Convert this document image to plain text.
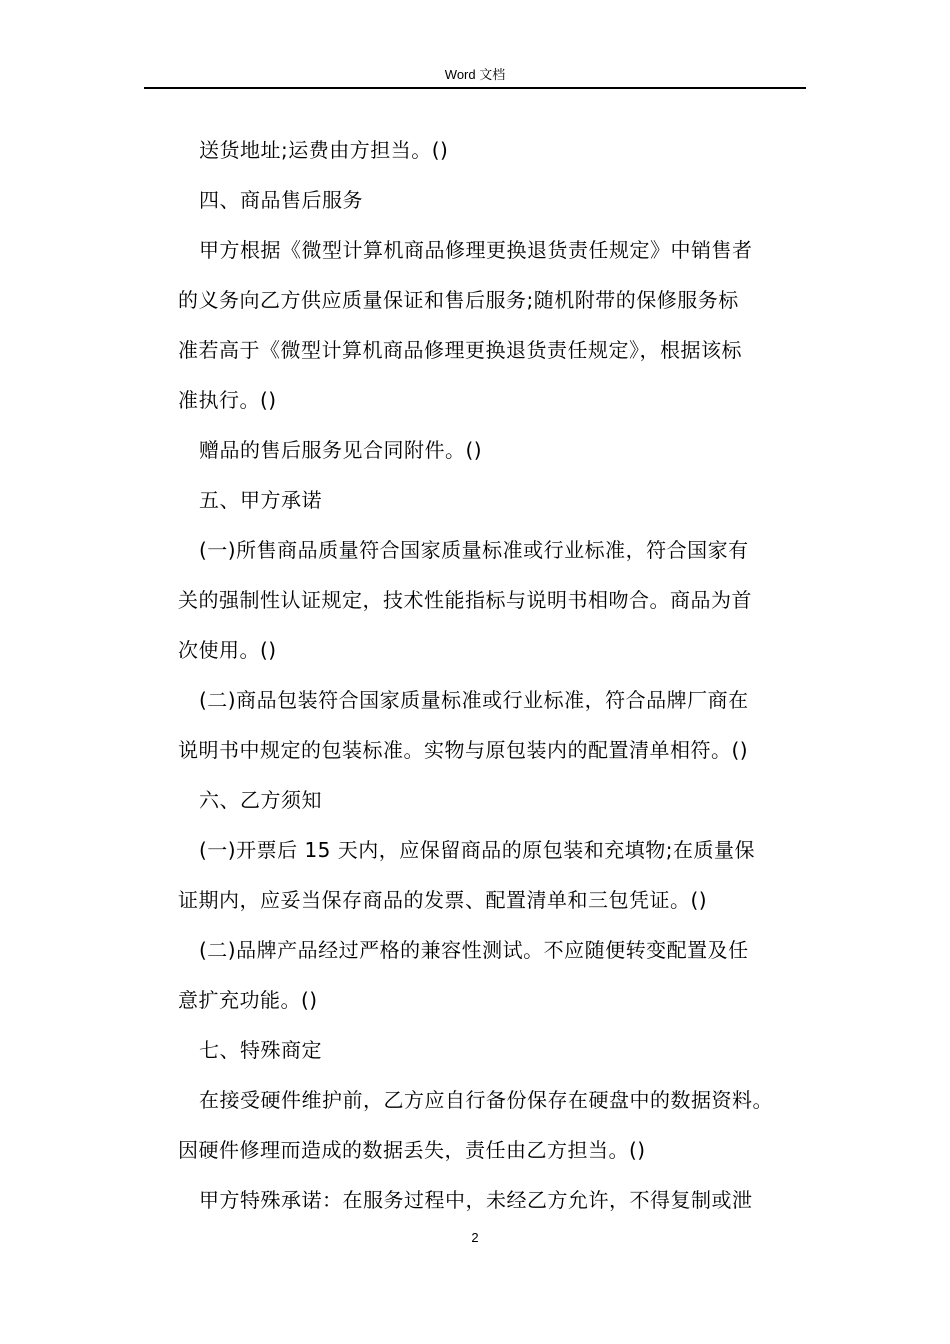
Word 文档
送货地址;运费由方担当。()
四、商品售后服务
甲方根据《微型计算机商品修理更换退货责任规定》中销售者
的义务向乙方供应质量保证和售后服务;随机附带的保修服务标
准若高于《微型计算机商品修理更换退货责任规定》，根据该标
准执行。()
赠品的售后服务见合同附件。()
五、甲方承诺
(一)所售商品质量符合国家质量标准或行业标准，符合国家有
关的强制性认证规定，技术性能指标与说明书相吻合。商品为首
次使用。()
(二)商品包装符合国家质量标准或行业标准，符合品牌厂商在
说明书中规定的包装标准。实物与原包装内的配置清单相符。()
六、乙方须知
(一)开票后 15 天内，应保留商品的原包装和充填物;在质量保
证期内，应妥当保存商品的发票、配置清单和三包凭证。()
(二)品牌产品经过严格的兼容性测试。不应随便转变配置及任
意扩充功能。()
七、特殊商定
在接受硬件维护前，乙方应自行备份保存在硬盘中的数据资料。
因硬件修理而造成的数据丢失，责任由乙方担当。()
甲方特殊承诺：在服务过程中，未经乙方允许，不得复制或泄
2
